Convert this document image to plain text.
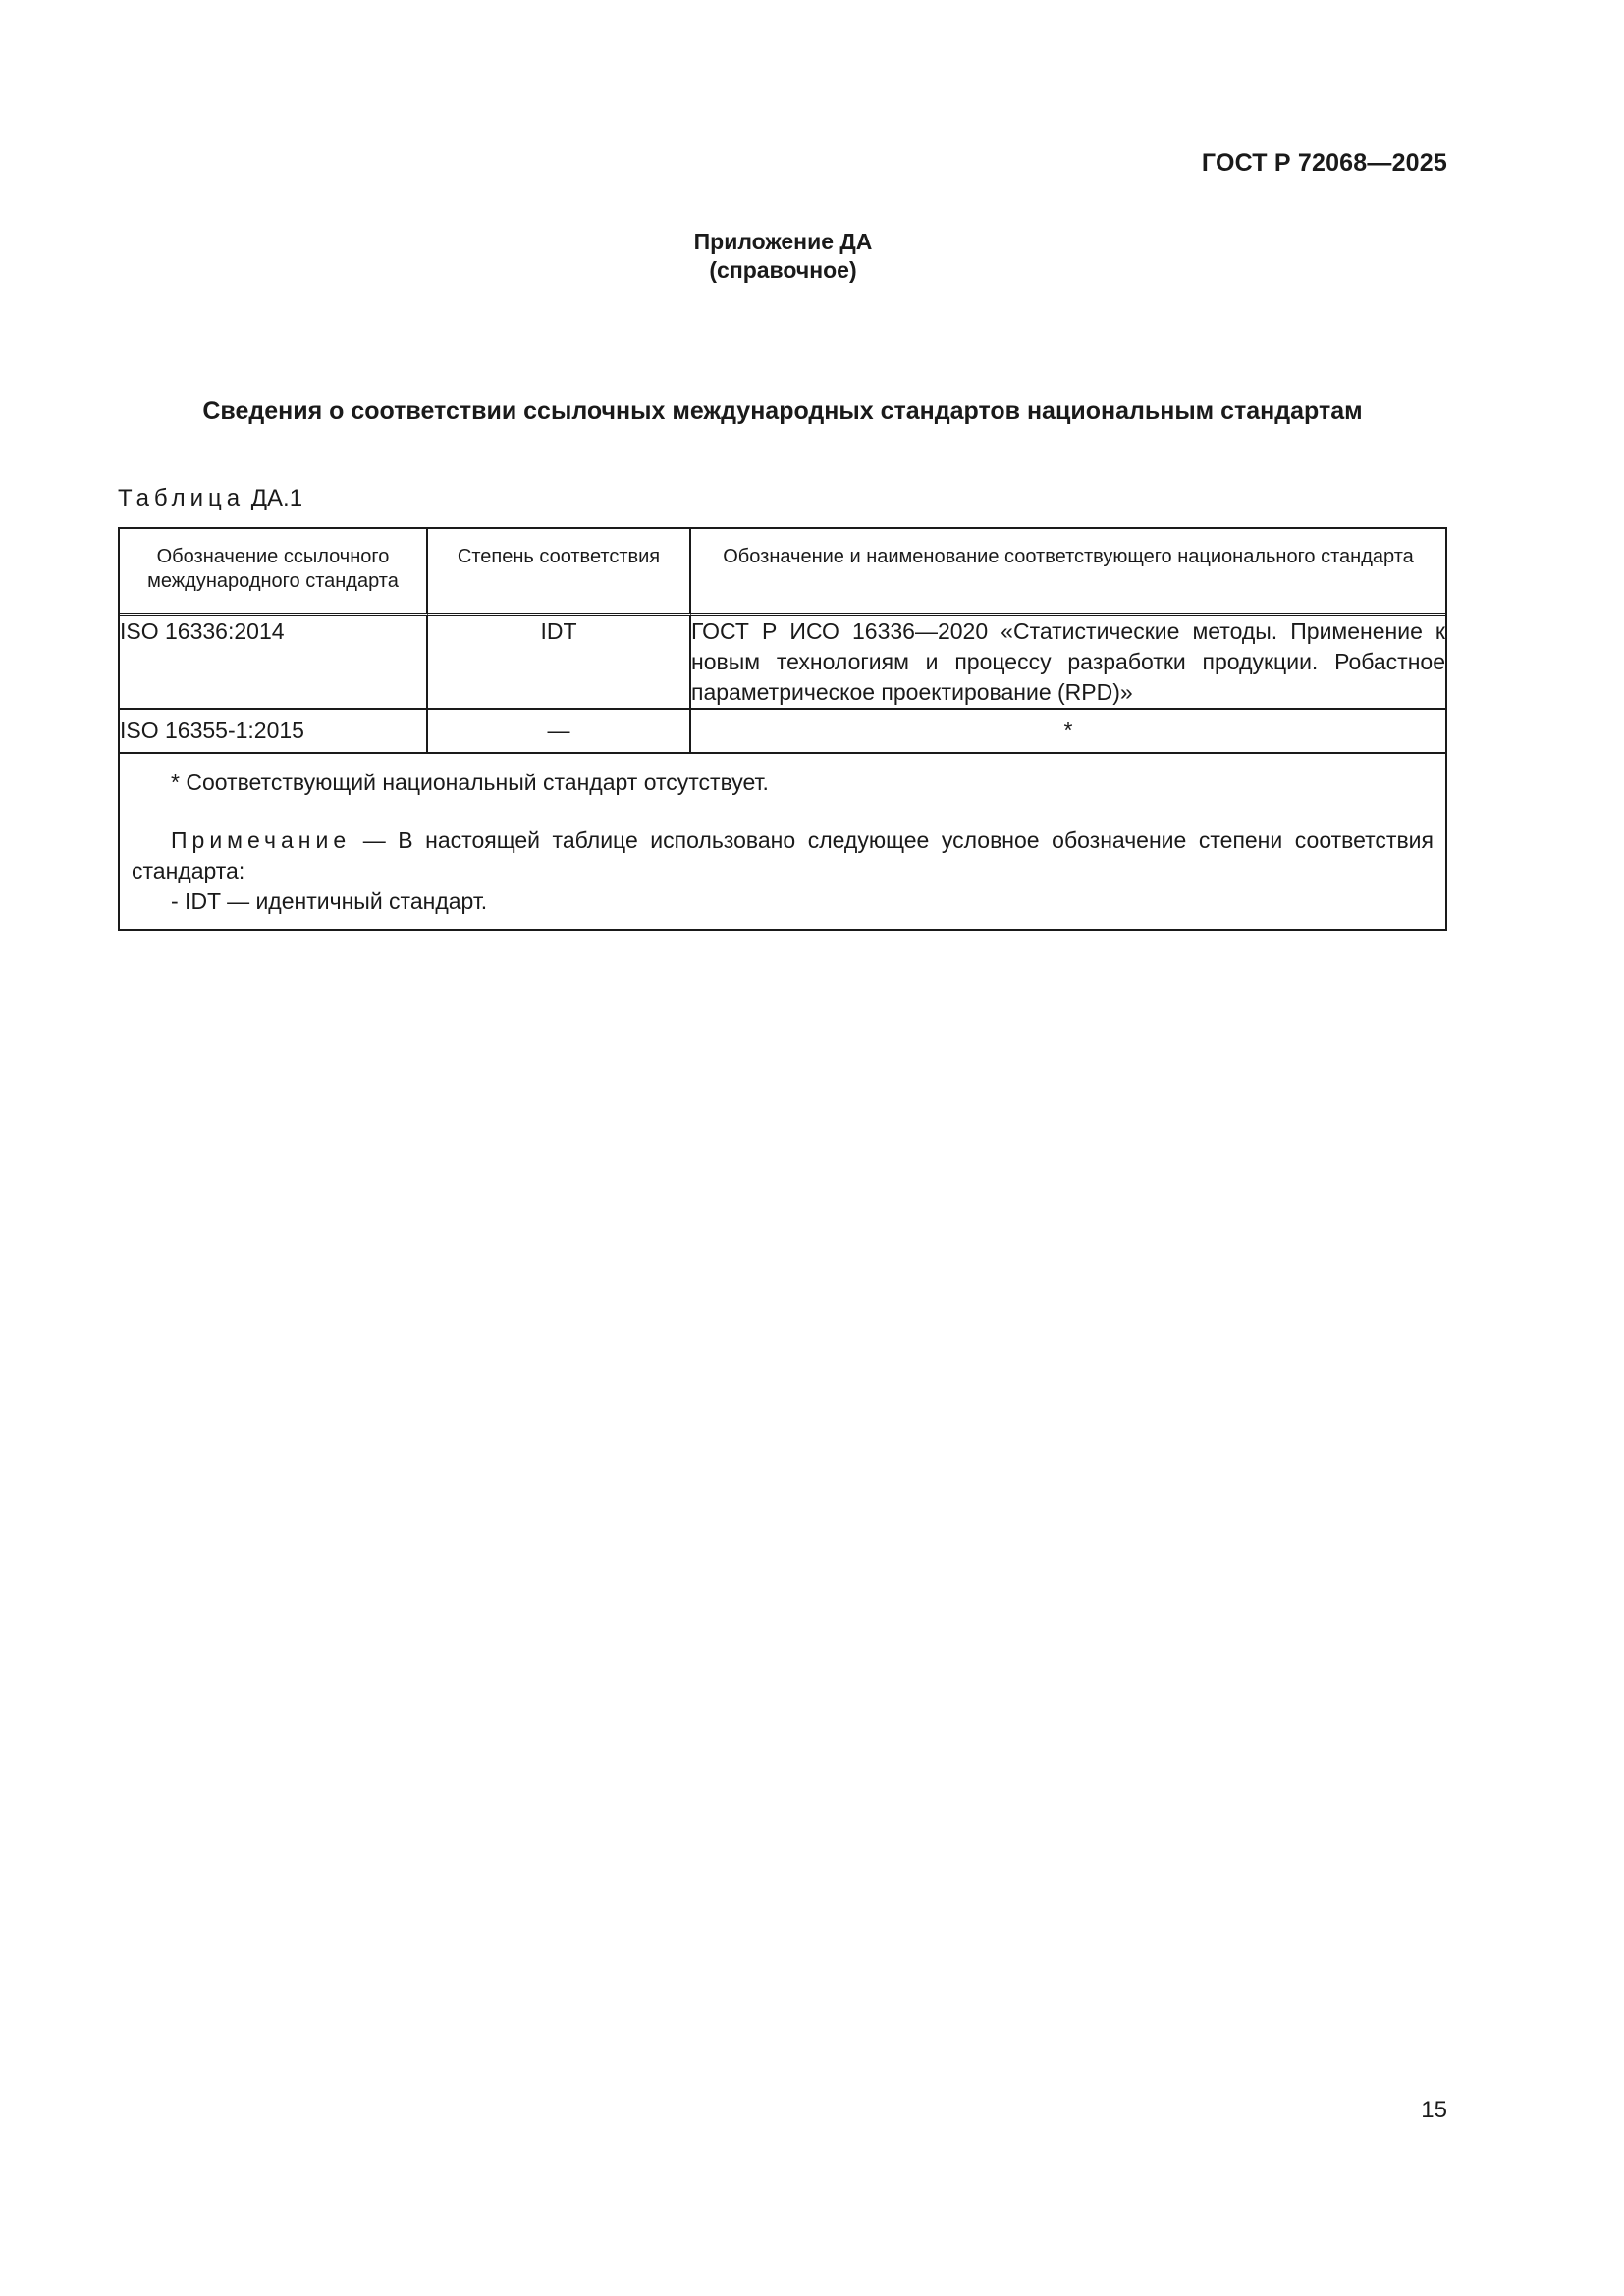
ГОСТ Р 72068—2025
Приложение ДА
(справочное)
Сведения о соответствии ссылочных международных стандартов национальным стандартам
Таблица ДА.1
Обозначение ссылочного международного стандарта	Степень соответствия	Обозначение и наименование соответствующего национального стандарта
ISO 16336:2014	IDT	ГОСТ Р ИСО 16336—2020 «Статистические методы. Применение к новым технологиям и процессу разработки продукции. Робастное параметрическое проектирование (RPD)»
ISO 16355-1:2015	—	*

* Соответствующий национальный стандарт отсутствует.
Примечание — В настоящей таблице использовано следующее условное обозначение степени соответствия стандарта:
- IDT — идентичный стандарт.		
15
